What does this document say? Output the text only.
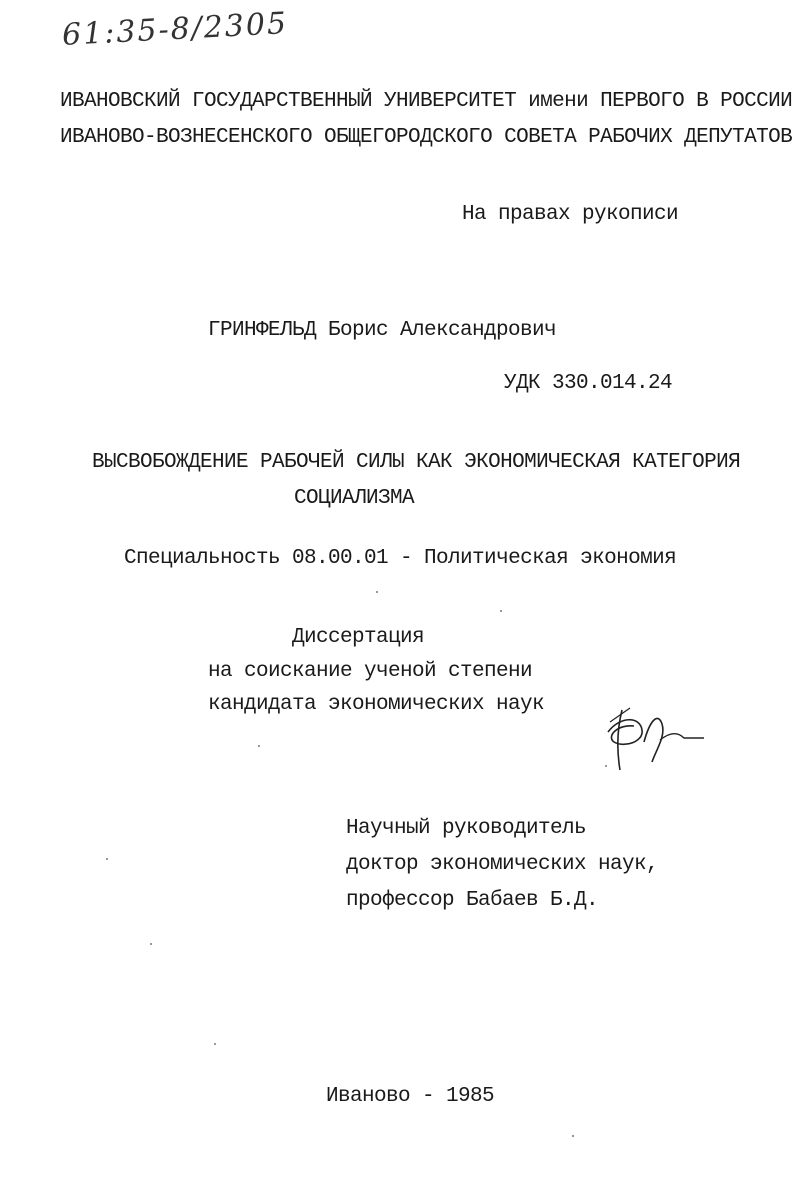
61:35-8/2305
ИВАНОВСКИЙ ГОСУДАРСТВЕННЫЙ УНИВЕРСИТЕТ имени ПЕРВОГО В РОССИИ
ИВАНОВО-ВОЗНЕСЕНСКОГО ОБЩЕГОРОДСКОГО СОВЕТА РАБОЧИХ ДЕПУТАТОВ
На правах рукописи
ГРИНФЕЛЬД Борис Александрович
УДК 330.014.24
ВЫСВОБОЖДЕНИЕ РАБОЧЕЙ СИЛЫ КАК ЭКОНОМИЧЕСКАЯ КАТЕГОРИЯ
СОЦИАЛИЗМА
Специальность 08.00.01 - Политическая экономия
Диссертация
на соискание ученой степени
кандидата экономических наук
Научный руководитель
доктор экономических наук,
профессор Бабаев Б.Д.
Иваново - 1985
